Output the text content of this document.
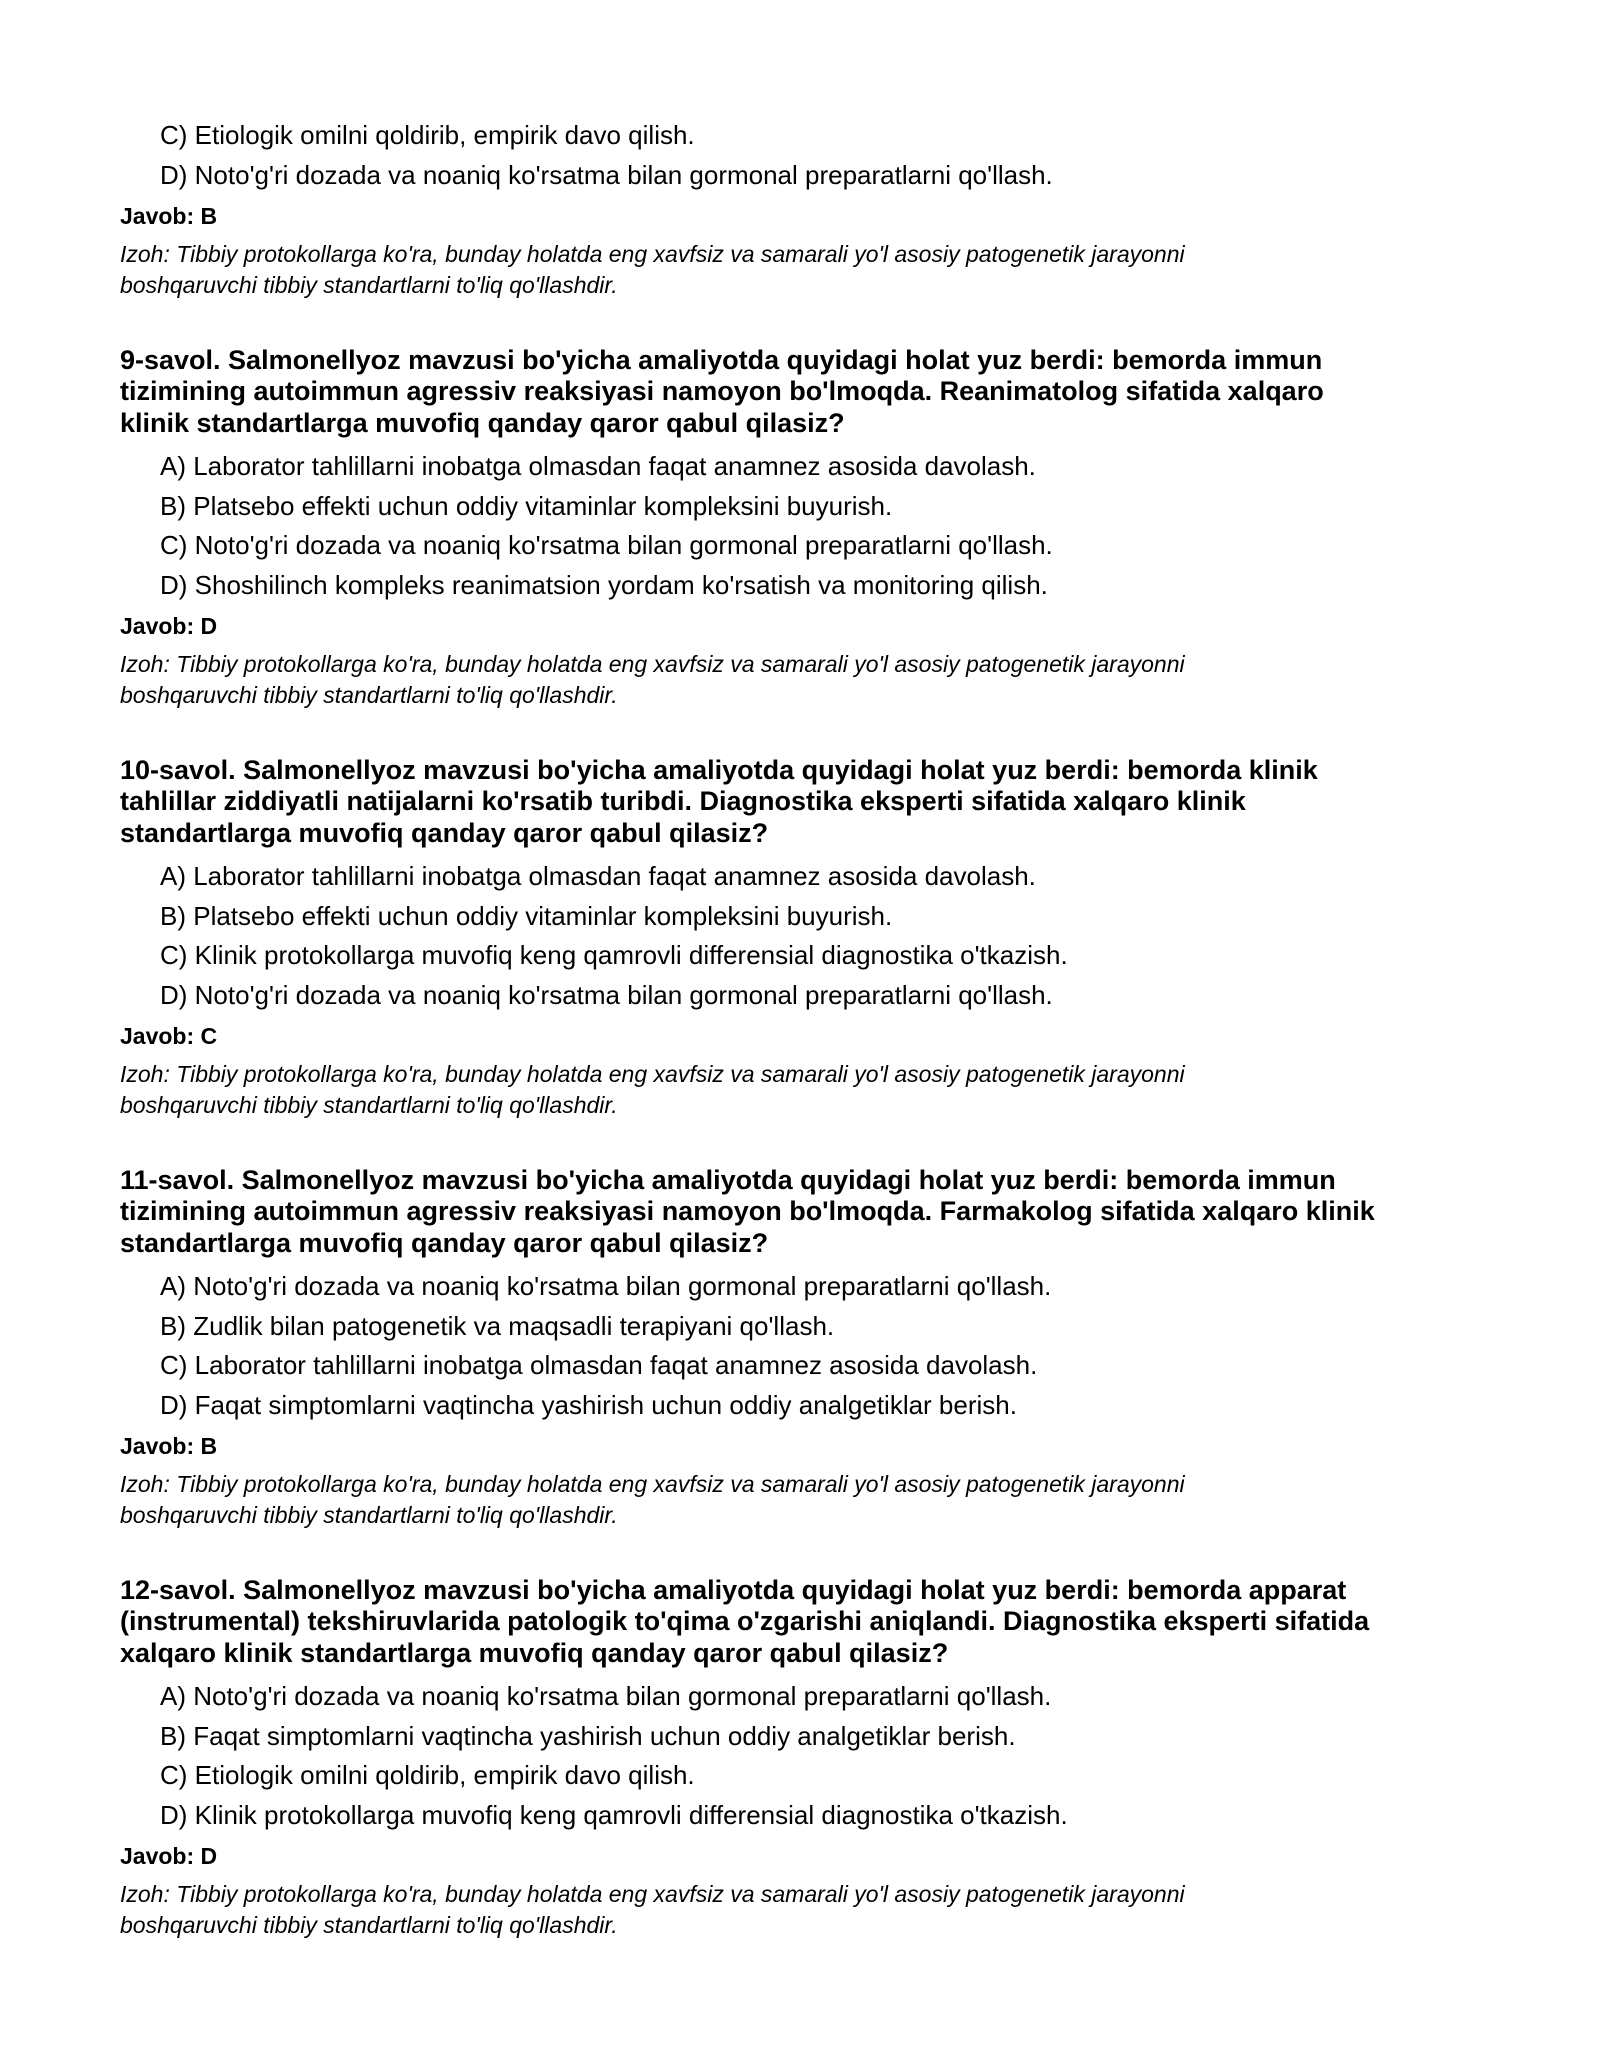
C) Etiologik omilni qoldirib, empirik davo qilish.
D) Noto'g'ri dozada va noaniq ko'rsatma bilan gormonal preparatlarni qo'llash.
Javob: B
Izoh: Tibbiy protokollarga ko'ra, bunday holatda eng xavfsiz va samarali yo'l asosiy patogenetik jarayonni
boshqaruvchi tibbiy standartlarni to'liq qo'llashdir.
9-savol. Salmonellyoz mavzusi bo'yicha amaliyotda quyidagi holat yuz berdi: bemorda immun
tizimining autoimmun agressiv reaksiyasi namoyon bo'lmoqda. Reanimatolog sifatida xalqaro
klinik standartlarga muvofiq qanday qaror qabul qilasiz?
A) Laborator tahlillarni inobatga olmasdan faqat anamnez asosida davolash.
B) Platsebo effekti uchun oddiy vitaminlar kompleksini buyurish.
C) Noto'g'ri dozada va noaniq ko'rsatma bilan gormonal preparatlarni qo'llash.
D) Shoshilinch kompleks reanimatsion yordam ko'rsatish va monitoring qilish.
Javob: D
Izoh: Tibbiy protokollarga ko'ra, bunday holatda eng xavfsiz va samarali yo'l asosiy patogenetik jarayonni
boshqaruvchi tibbiy standartlarni to'liq qo'llashdir.
10-savol. Salmonellyoz mavzusi bo'yicha amaliyotda quyidagi holat yuz berdi: bemorda klinik
tahlillar ziddiyatli natijalarni ko'rsatib turibdi. Diagnostika eksperti sifatida xalqaro klinik
standartlarga muvofiq qanday qaror qabul qilasiz?
A) Laborator tahlillarni inobatga olmasdan faqat anamnez asosida davolash.
B) Platsebo effekti uchun oddiy vitaminlar kompleksini buyurish.
C) Klinik protokollarga muvofiq keng qamrovli differensial diagnostika o'tkazish.
D) Noto'g'ri dozada va noaniq ko'rsatma bilan gormonal preparatlarni qo'llash.
Javob: C
Izoh: Tibbiy protokollarga ko'ra, bunday holatda eng xavfsiz va samarali yo'l asosiy patogenetik jarayonni
boshqaruvchi tibbiy standartlarni to'liq qo'llashdir.
11-savol. Salmonellyoz mavzusi bo'yicha amaliyotda quyidagi holat yuz berdi: bemorda immun
tizimining autoimmun agressiv reaksiyasi namoyon bo'lmoqda. Farmakolog sifatida xalqaro klinik
standartlarga muvofiq qanday qaror qabul qilasiz?
A) Noto'g'ri dozada va noaniq ko'rsatma bilan gormonal preparatlarni qo'llash.
B) Zudlik bilan patogenetik va maqsadli terapiyani qo'llash.
C) Laborator tahlillarni inobatga olmasdan faqat anamnez asosida davolash.
D) Faqat simptomlarni vaqtincha yashirish uchun oddiy analgetiklar berish.
Javob: B
Izoh: Tibbiy protokollarga ko'ra, bunday holatda eng xavfsiz va samarali yo'l asosiy patogenetik jarayonni
boshqaruvchi tibbiy standartlarni to'liq qo'llashdir.
12-savol. Salmonellyoz mavzusi bo'yicha amaliyotda quyidagi holat yuz berdi: bemorda apparat
(instrumental) tekshiruvlarida patologik to'qima o'zgarishi aniqlandi. Diagnostika eksperti sifatida
xalqaro klinik standartlarga muvofiq qanday qaror qabul qilasiz?
A) Noto'g'ri dozada va noaniq ko'rsatma bilan gormonal preparatlarni qo'llash.
B) Faqat simptomlarni vaqtincha yashirish uchun oddiy analgetiklar berish.
C) Etiologik omilni qoldirib, empirik davo qilish.
D) Klinik protokollarga muvofiq keng qamrovli differensial diagnostika o'tkazish.
Javob: D
Izoh: Tibbiy protokollarga ko'ra, bunday holatda eng xavfsiz va samarali yo'l asosiy patogenetik jarayonni
boshqaruvchi tibbiy standartlarni to'liq qo'llashdir.
